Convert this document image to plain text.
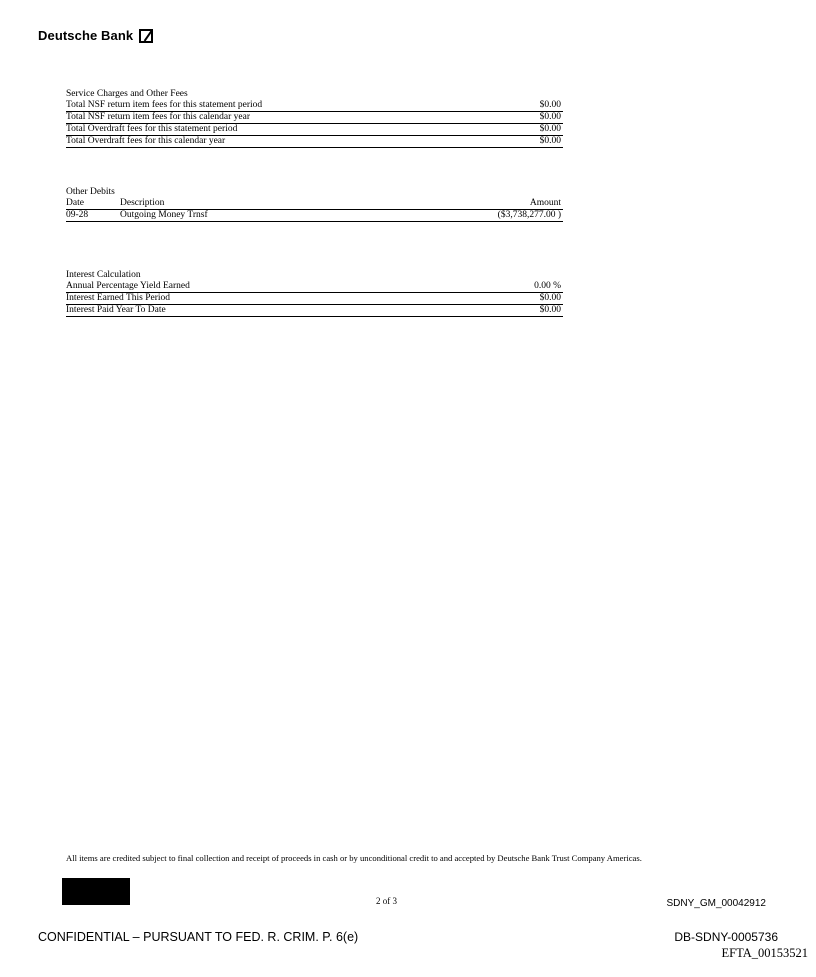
Deutsche Bank
Service Charges and Other Fees
Total NSF return item fees for this statement period	$0.00
Total NSF return item fees for this calendar year	$0.00
Total Overdraft fees for this statement period	$0.00
Total Overdraft fees for this calendar year	$0.00
Other Debits
Date	Description	Amount
09-28	Outgoing Money Trnsf	($3,738,277.00 )
Interest Calculation
Annual Percentage Yield Earned	0.00 %
Interest Earned This Period	$0.00
Interest Paid Year To Date	$0.00
All items are credited subject to final collection and receipt of proceeds in cash or by unconditional credit to and accepted by Deutsche Bank Trust Company Americas.
2 of 3	SDNY_GM_00042912
CONFIDENTIAL – PURSUANT TO FED. R. CRIM. P. 6(e)	DB-SDNY-0005736
EFTA_00153521
